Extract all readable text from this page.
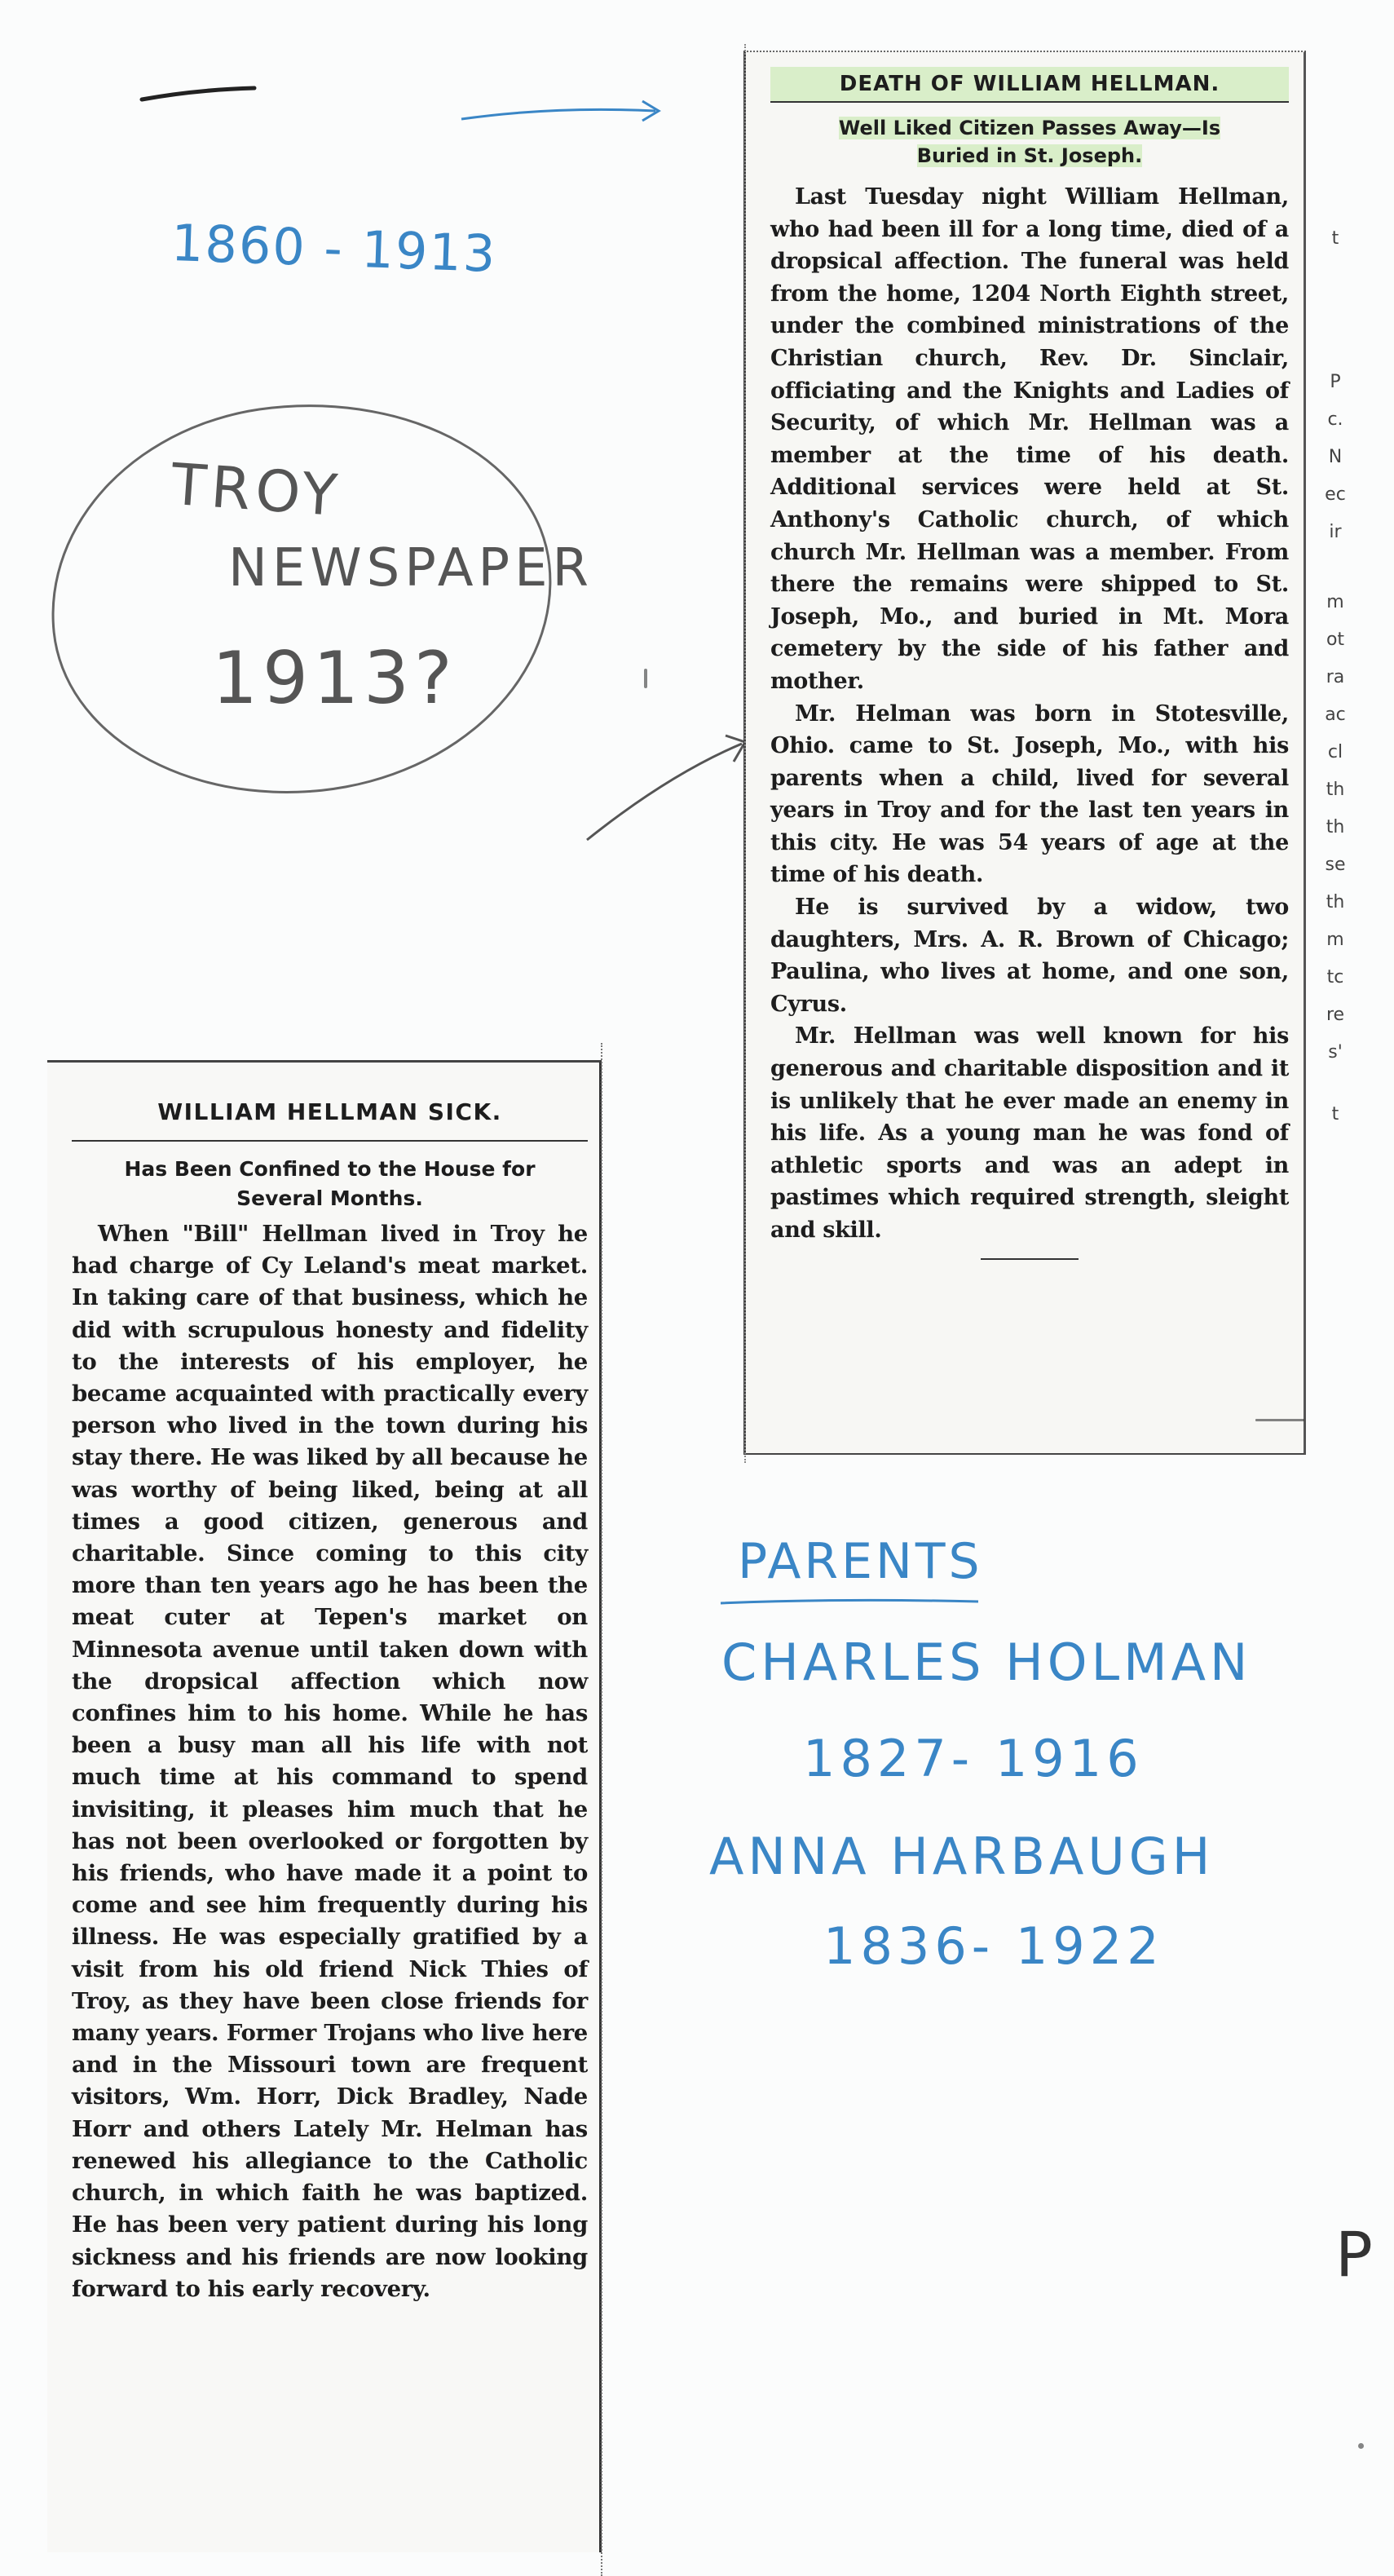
1860 - 1913
TROY
NEWSPAPER
1913?
DEATH OF WILLIAM HELLMAN.
Well Liked Citizen Passes Away—Is
Buried in St. Joseph.

Last Tuesday night William Hellman, who had been ill for a long time, died of a dropsical affection. The funeral was held from the home, 1204 North Eighth street, under the combined ministrations of the Christian church, Rev. Dr. Sinclair, officiating and the Knights and Ladies of Security, of which Mr. Hellman was a member at the time of his death. Additional services were held at St. Anthony's Catholic church, of which church Mr. Hellman was a member. From there the remains were shipped to St. Joseph, Mo., and buried in Mt. Mora cemetery by the side of his father and mother.

Mr. Helman was born in Stotesville, Ohio. came to St. Joseph, Mo., with his parents when a child, lived for several years in Troy and for the last ten years in this city. He was 54 years of age at the time of his death.

He is survived by a widow, two daughters, Mrs. A. R. Brown of Chicago; Paulina, who lives at home, and one son, Cyrus.

Mr. Hellman was well known for his generous and charitable disposition and it is unlikely that he ever made an enemy in his life. As a young man he was fond of athletic sports and was an adept in pastimes which required strength, sleight and skill.

t
P
c.
N
ec
ir
m
ot
ra
ac
cl
th
th
se
th
m
tc
re
s'
t
P
WILLIAM HELLMAN SICK.
Has Been Confined to the House for
Several Months.

When "Bill" Hellman lived in Troy he had charge of Cy Leland's meat market. In taking care of that business, which he did with scrupulous honesty and fidelity to the interests of his employer, he became acquainted with practically every person who lived in the town during his stay there. He was liked by all because he was worthy of being liked, being at all times a good citizen, generous and charitable. Since coming to this city more than ten years ago he has been the meat cuter at Tepen's market on Minnesota avenue until taken down with the dropsical affection which now confines him to his home. While he has been a busy man all his life with not much time at his command to spend invisiting, it pleases him much that he has not been overlooked or forgotten by his friends, who have made it a point to come and see him frequently during his illness. He was especially gratified by a visit from his old friend Nick Thies of Troy, as they have been close friends for many years. Former Trojans who live here and in the Missouri town are frequent visitors, Wm. Horr, Dick Bradley, Nade Horr and others Lately Mr. Helman has renewed his allegiance to the Catholic church, in which faith he was baptized. He has been very patient during his long sickness and his friends are now looking forward to his early recovery.

PARENTS
CHARLES HOLMAN
1827- 1916
ANNA HARBAUGH
1836- 1922
